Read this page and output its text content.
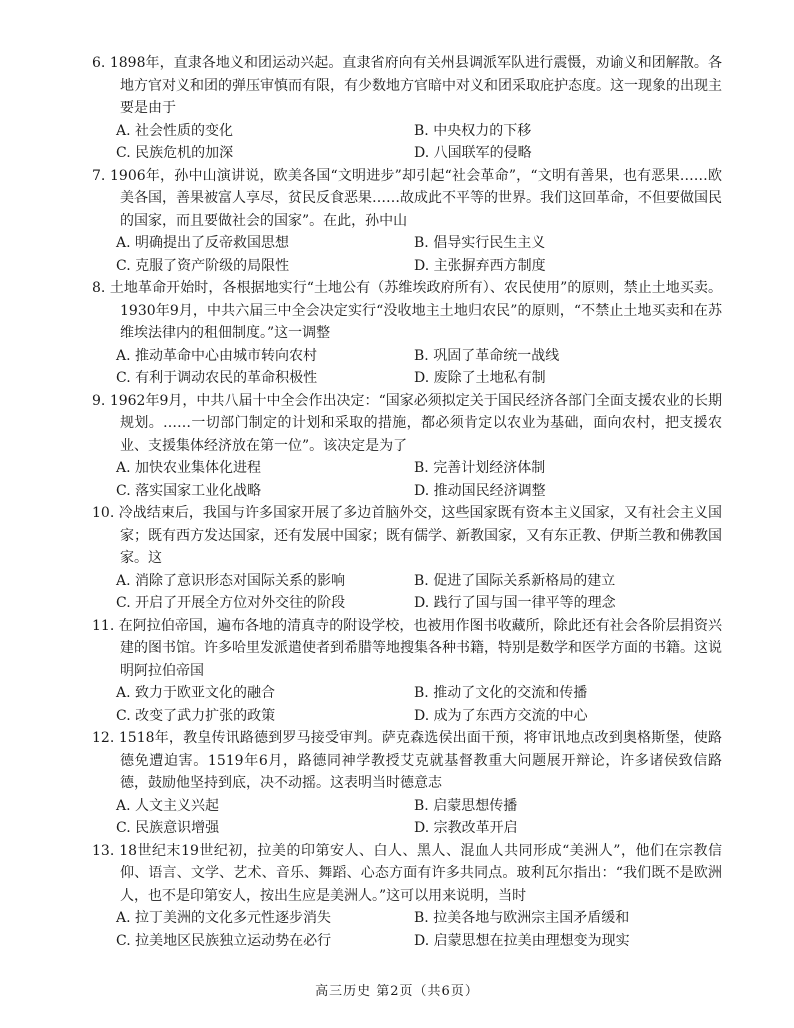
6. 1898年，直隶各地义和团运动兴起。直隶省府向有关州县调派军队进行震慑，劝谕义和团解散。各地方官对义和团的弹压审慎而有限，有少数地方官暗中对义和团采取庇护态度。这一现象的出现主要是由于
A. 社会性质的变化	B. 中央权力的下移
C. 民族危机的加深	D. 八国联军的侵略
7. 1906年，孙中山演讲说，欧美各国“文明进步”却引起“社会革命”，“文明有善果，也有恶果……欧美各国，善果被富人享尽，贫民反食恶果……故成此不平等的世界。我们这回革命，不但要做国民的国家，而且要做社会的国家”。在此，孙中山
A. 明确提出了反帝救国思想	B. 倡导实行民生主义
C. 克服了资产阶级的局限性	D. 主张摒弃西方制度
8. 土地革命开始时，各根据地实行“土地公有（苏维埃政府所有）、农民使用”的原则，禁止土地买卖。1930年9月，中共六届三中全会决定实行“没收地主土地归农民”的原则，“不禁止土地买卖和在苏维埃法律内的租佃制度。”这一调整
A. 推动革命中心由城市转向农村	B. 巩固了革命统一战线
C. 有利于调动农民的革命积极性	D. 废除了土地私有制
9. 1962年9月，中共八届十中全会作出决定：“国家必须拟定关于国民经济各部门全面支援农业的长期规划。……一切部门制定的计划和采取的措施，都必须肯定以农业为基础，面向农村，把支援农业、支援集体经济放在第一位”。该决定是为了
A. 加快农业集体化进程	B. 完善计划经济体制
C. 落实国家工业化战略	D. 推动国民经济调整
10. 冷战结束后，我国与许多国家开展了多边首脑外交，这些国家既有资本主义国家，又有社会主义国家；既有西方发达国家，还有发展中国家；既有儒学、新教国家，又有东正教、伊斯兰教和佛教国家。这
A. 消除了意识形态对国际关系的影响	B. 促进了国际关系新格局的建立
C. 开启了开展全方位对外交往的阶段	D. 践行了国与国一律平等的理念
11. 在阿拉伯帝国，遍布各地的清真寺的附设学校，也被用作图书收藏所，除此还有社会各阶层捐资兴建的图书馆。许多哈里发派遣使者到希腊等地搜集各种书籍，特别是数学和医学方面的书籍。这说明阿拉伯帝国
A. 致力于欧亚文化的融合	B. 推动了文化的交流和传播
C. 改变了武力扩张的政策	D. 成为了东西方交流的中心
12. 1518年，教皇传讯路德到罗马接受审判。萨克森选侯出面干预，将审讯地点改到奥格斯堡，使路德免遭迫害。1519年6月，路德同神学教授艾克就基督教重大问题展开辩论，许多诸侯致信路德，鼓励他坚持到底，决不动摇。这表明当时德意志
A. 人文主义兴起	B. 启蒙思想传播
C. 民族意识增强	D. 宗教改革开启
13. 18世纪末19世纪初，拉美的印第安人、白人、黑人、混血人共同形成“美洲人”，他们在宗教信仰、语言、文学、艺术、音乐、舞蹈、心态方面有许多共同点。玻利瓦尔指出：“我们既不是欧洲人，也不是印第安人，按出生应是美洲人。”这可以用来说明，当时
A. 拉丁美洲的文化多元性逐步消失	B. 拉美各地与欧洲宗主国矛盾缓和
C. 拉美地区民族独立运动势在必行	D. 启蒙思想在拉美由理想变为现实
高三历史 第2页（共6页）
